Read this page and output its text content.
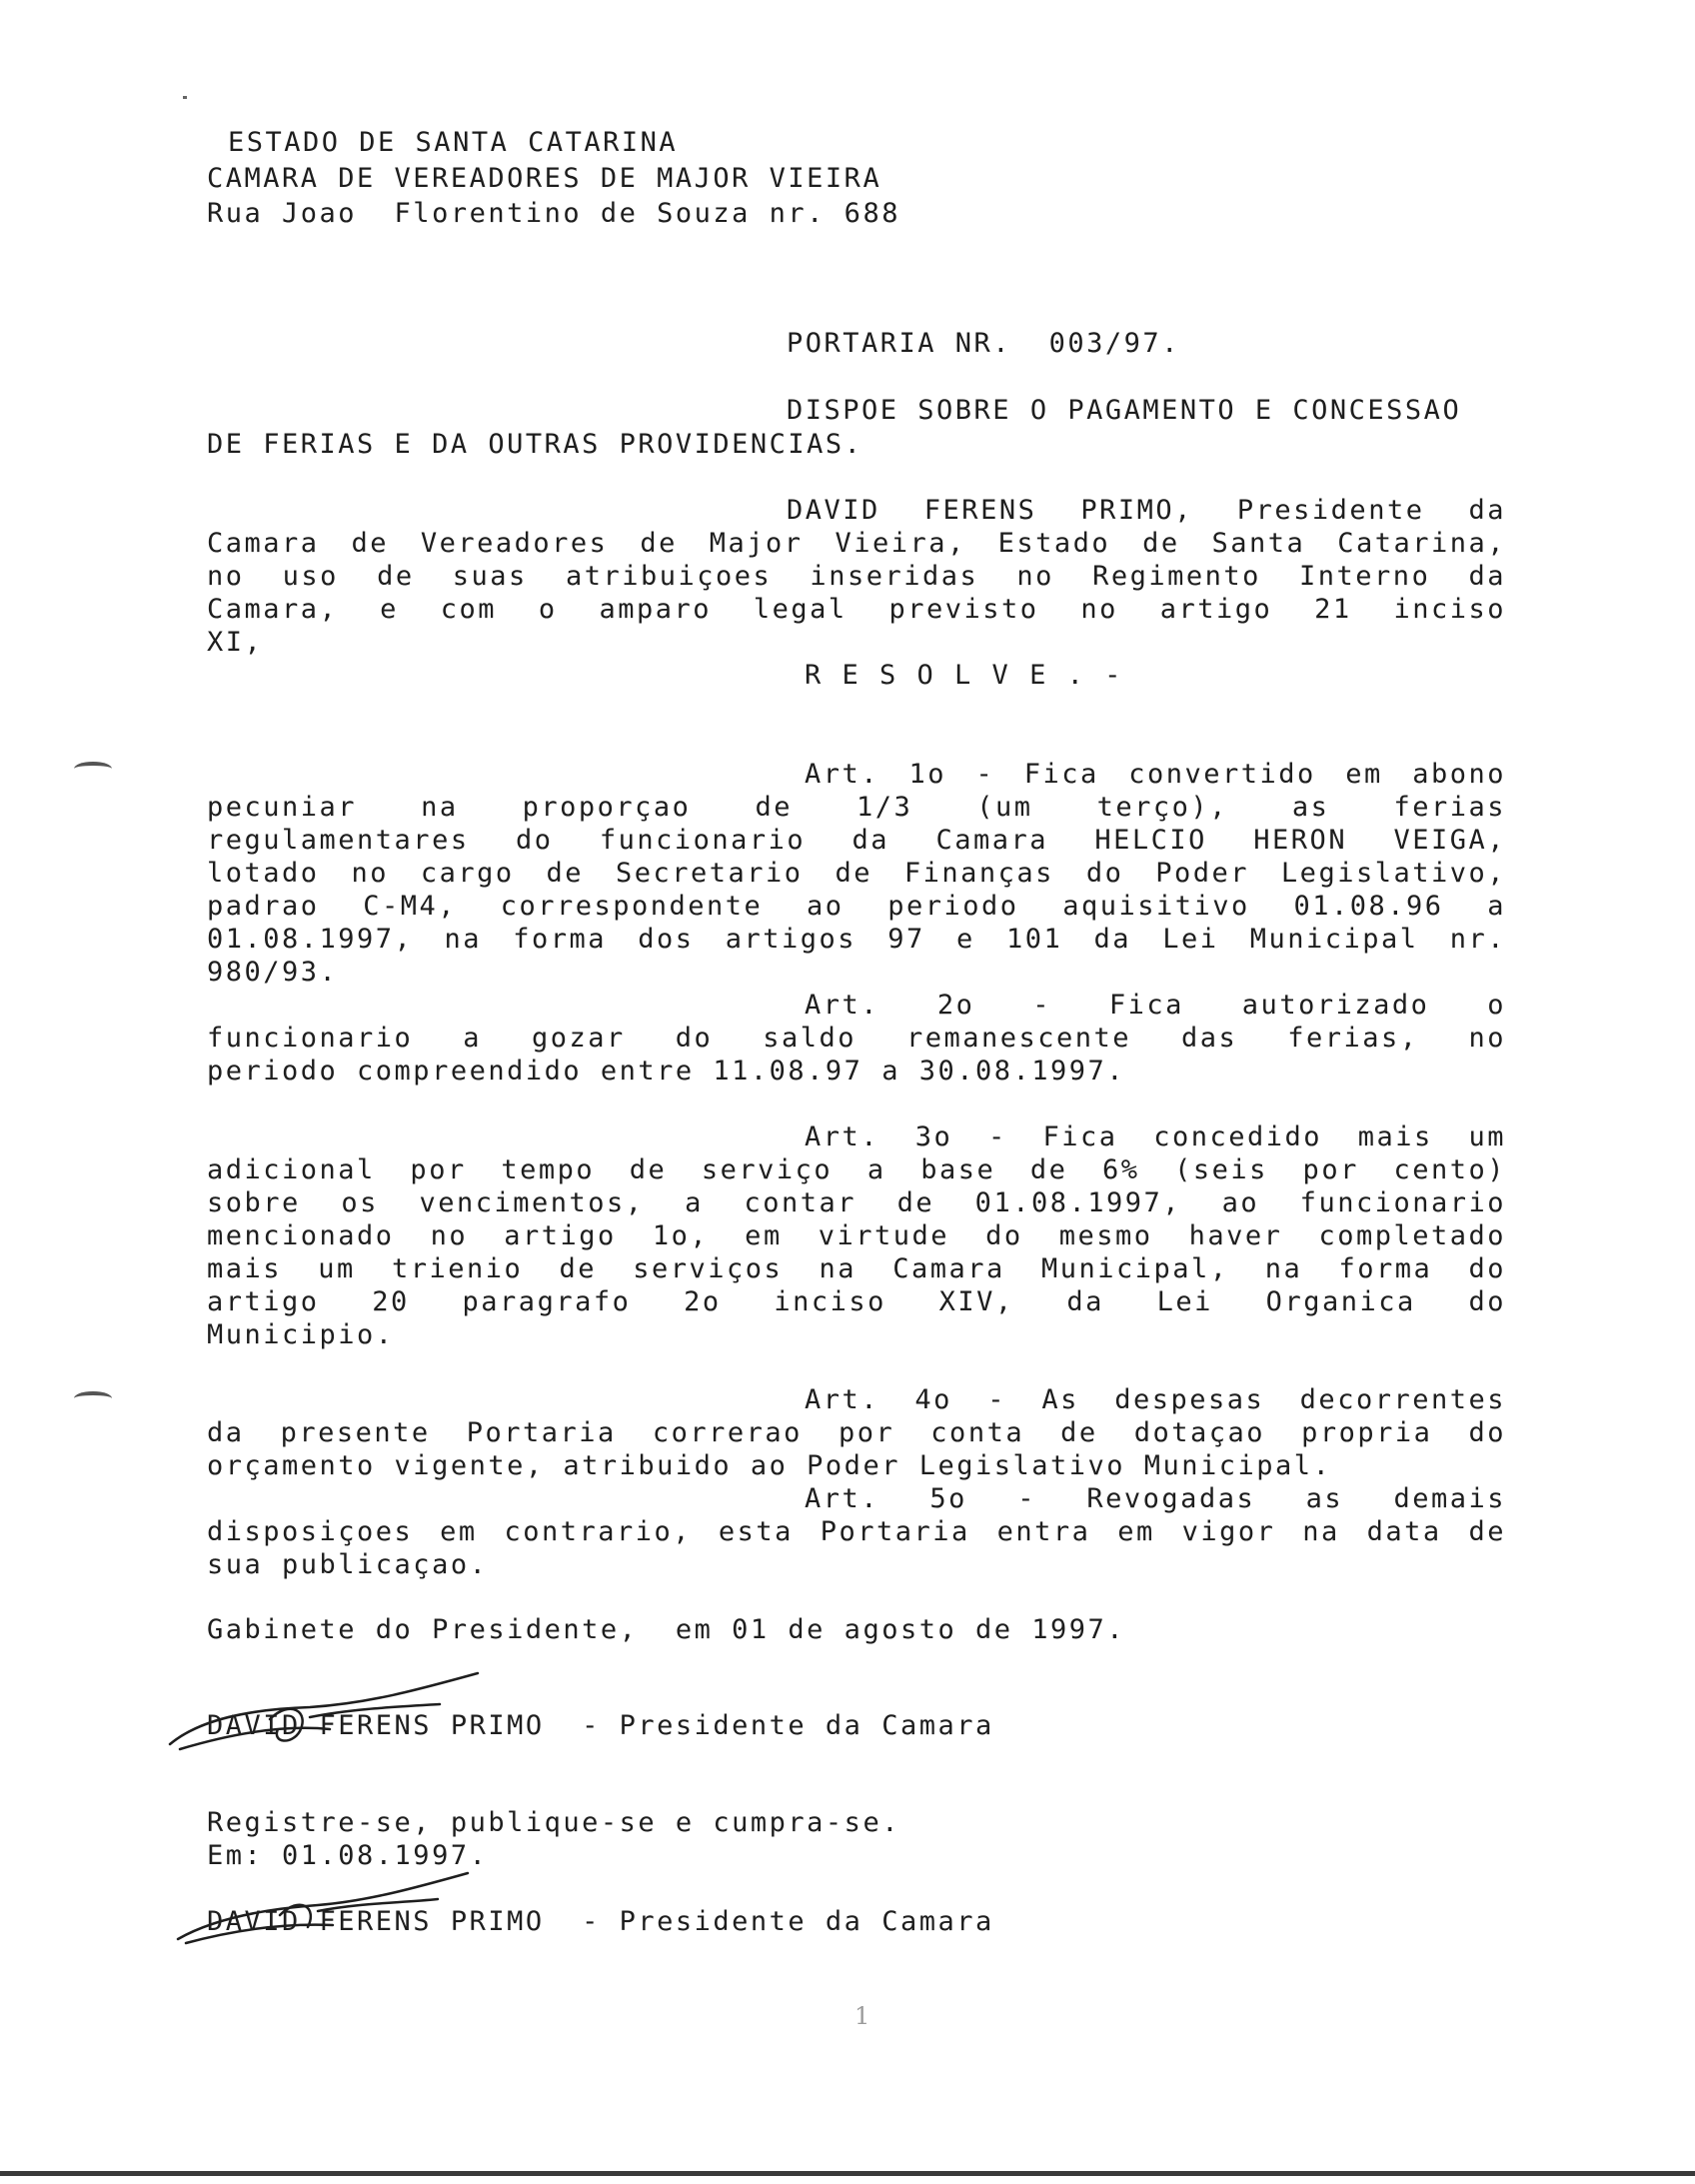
ESTADO DE SANTA CATARINA
CAMARA DE VEREADORES DE MAJOR VIEIRA
Rua Joao  Florentino de Souza nr. 688
PORTARIA NR.  003/97.
DISPOE SOBRE O PAGAMENTO E CONCESSAO
DE FERIAS E DA OUTRAS PROVIDENCIAS.
DAVID FERENS PRIMO, Presidente da
Camara de Vereadores de Major Vieira, Estado de Santa Catarina,
no uso de suas atribuiçoes inseridas no Regimento Interno da
Camara, e com o amparo legal previsto no artigo 21 inciso
XI,
R E S O L V E . -
Art. 1o - Fica convertido em abono
pecuniar na proporçao de 1/3 (um terço), as ferias
regulamentares do funcionario da Camara HELCIO HERON VEIGA,
lotado no cargo de Secretario de Finanças do Poder Legislativo,
padrao C-M4, correspondente ao periodo aquisitivo 01.08.96 a
01.08.1997, na forma dos artigos 97 e 101 da Lei Municipal nr.
980/93.
Art. 2o - Fica autorizado o
funcionario a gozar do saldo remanescente das ferias, no
periodo compreendido entre 11.08.97 a 30.08.1997.
Art. 3o - Fica concedido mais um
adicional por tempo de serviço a base de 6% (seis por cento)
sobre os vencimentos, a contar de 01.08.1997, ao funcionario
mencionado no artigo 1o, em virtude do mesmo haver completado
mais um trienio de serviços na Camara Municipal, na forma do
artigo 20 paragrafo 2o inciso XIV, da Lei Organica do
Municipio.
Art. 4o - As despesas decorrentes
da presente Portaria correrao por conta de dotaçao propria do
orçamento vigente, atribuido ao Poder Legislativo Municipal.
Art. 5o - Revogadas as demais
disposiçoes em contrario, esta Portaria entra em vigor na data de
sua publicaçao.
Gabinete do Presidente,  em 01 de agosto de 1997.
DAVID FERENS PRIMO  - Presidente da Camara
Registre-se, publique-se e cumpra-se.
Em: 01.08.1997.
DAVID FERENS PRIMO  - Presidente da Camara
1
